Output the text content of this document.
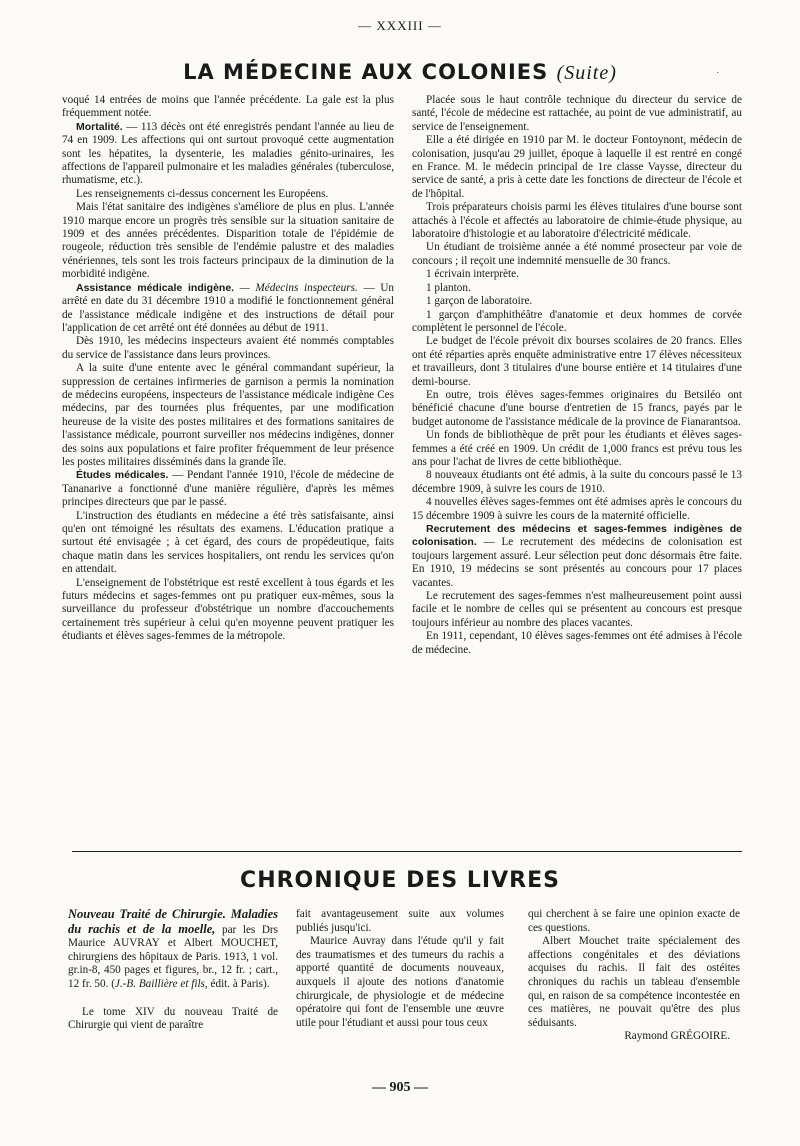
— XXXIII —
LA MÉDECINE AUX COLONIES (Suite)	·

voqué 14 entrées de moins que l'année précédente. La gale est la plus fréquemment notée.

Mortalité. — 113 décès ont été enregistrés pendant l'année au lieu de 74 en 1909. Les affections qui ont surtout provoqué cette augmentation sont les hépatites, la dysenterie, les maladies génito-urinaires, les affections de l'appareil pulmonaire et les maladies générales (tuberculose, rhumatisme, etc.).

Les renseignements ci-dessus concernent les Européens.

Mais l'état sanitaire des indigènes s'améliore de plus en plus. L'année 1910 marque encore un progrès très sensible sur la situation sanitaire de 1909 et des années précédentes. Disparition totale de l'épidémie de rougeole, réduction très sensible de l'endémie palustre et des maladies vénériennes, tels sont les trois facteurs principaux de la diminution de la morbidité indigène.

Assistance médicale indigène. — Médecins inspecteurs. — Un arrêté en date du 31 décembre 1910 a modifié le fonctionnement général de l'assistance médicale indigène et des instructions de détail pour l'application de cet arrêté ont été données au début de 1911.

Dès 1910, les médecins inspecteurs avaient été nommés comptables du service de l'assistance dans leurs provinces.

A la suite d'une entente avec le général commandant supérieur, la suppression de certaines infirmeries de garnison a permis la nomination de médecins européens, inspecteurs de l'assistance médicale indigène Ces médecins, par des tournées plus fréquentes, par une modification heureuse de la visite des postes militaires et des formations sanitaires de l'assistance médicale, pourront surveiller nos médecins indigènes, donner des soins aux populations et faire profiter fréquemment de leur présence les postes militaires disséminés dans la grande île.

Études médicales. — Pendant l'année 1910, l'école de médecine de Tananarive a fonctionné d'une manière régulière, d'après les mêmes principes directeurs que par le passé.

L'instruction des étudiants en médecine a été très satisfaisante, ainsi qu'en ont témoigné les résultats des examens. L'éducation pratique a surtout été envisagée ; à cet égard, des cours de propédeutique, faits chaque matin dans les services hospitaliers, ont rendu les services qu'on en attendait.

L'enseignement de l'obstétrique est resté excellent à tous égards et les futurs médecins et sages-femmes ont pu pratiquer eux-mêmes, sous la surveillance du professeur d'obstétrique un nombre d'accouchements certainement très supérieur à celui qu'en moyenne peuvent pratiquer les étudiants et élèves sages-femmes de la métropole.

Placée sous le haut contrôle technique du directeur du service de santé, l'école de médecine est rattachée, au point de vue administratif, au service de l'enseignement.

Elle a été dirigée en 1910 par M. le docteur Fontoynont, médecin de colonisation, jusqu'au 29 juillet, époque à laquelle il est rentré en congé en France. M. le médecin principal de 1re classe Vaysse, directeur du service de santé, a pris à cette date les fonctions de directeur de l'école et de l'hôpital.

Trois préparateurs choisis parmi les élèves titulaires d'une bourse sont attachés à l'école et affectés au laboratoire de chimie-étude physique, au laboratoire d'histologie et au laboratoire d'électricité médicale.

Un étudiant de troisième année a été nommé prosecteur par voie de concours ; il reçoit une indemnité mensuelle de 30 francs.

1 écrivain interprète.

1 planton.

1 garçon de laboratoire.

1 garçon d'amphithéâtre d'anatomie et deux hommes de corvée complètent le personnel de l'école.

Le budget de l'école prévoit dix bourses scolaires de 20 francs. Elles ont été réparties après enquête administrative entre 17 élèves nécessiteux et travailleurs, dont 3 titulaires d'une bourse entière et 14 titulaires d'une demi-bourse.

En outre, trois élèves sages-femmes originaires du Betsiléo ont bénéficié chacune d'une bourse d'entretien de 15 francs, payés par le budget autonome de l'assistance médicale de la province de Fianarantsoa.

Un fonds de bibliothèque de prêt pour les étudiants et élèves sages-femmes a été créé en 1909. Un crédit de 1,000 francs est prévu tous les ans pour l'achat de livres de cette bibliothèque.

8 nouveaux étudiants ont été admis, à la suite du concours passé le 13 décembre 1909, à suivre les cours de 1910.

4 nouvelles élèves sages-femmes ont été admises après le concours du 15 décembre 1909 à suivre les cours de la maternité officielle.

Recrutement des médecins et sages-femmes indigènes de colonisation. — Le recrutement des médecins de colonisation est toujours largement assuré. Leur sélection peut donc désormais être faite. En 1910, 19 médecins se sont présentés au concours pour 17 places vacantes.

Le recrutement des sages-femmes n'est malheureusement point aussi facile et le nombre de celles qui se présentent au concours est presque toujours inférieur au nombre des places vacantes.

En 1911, cependant, 10 élèves sages-femmes ont été admises à l'école de médecine.

CHRONIQUE DES LIVRES

Nouveau Traité de Chirurgie. Maladies du rachis et de la moelle, par les Drs Maurice AUVRAY et Albert MOUCHET, chirurgiens des hôpitaux de Paris. 1913, 1 vol. gr.in-8, 450 pages et figures, br., 12 fr. ; cart., 12 fr. 50. (J.-B. Baillière et fils, édit. à Paris).

Le tome XIV du nouveau Traité de Chirurgie qui vient de paraître

fait avantageusement suite aux volumes publiés jusqu'ici.

Maurice Auvray dans l'étude qu'il y fait des traumatismes et des tumeurs du rachis a apporté quantité de documents nouveaux, auxquels il ajoute des notions d'anatomie chirurgicale, de physiologie et de médecine opératoire qui font de l'ensemble une œuvre utile pour l'étudiant et aussi pour tous ceux

qui cherchent à se faire une opinion exacte de ces questions.

Albert Mouchet traite spécialement des affections congénitales et des déviations acquises du rachis. Il fait des ostéites chroniques du rachis un tableau d'ensemble qui, en raison de sa compétence incontestée en ces matières, ne pouvait qu'être des plus séduisants.

Raymond GRÉGOIRE.

— 905 —
